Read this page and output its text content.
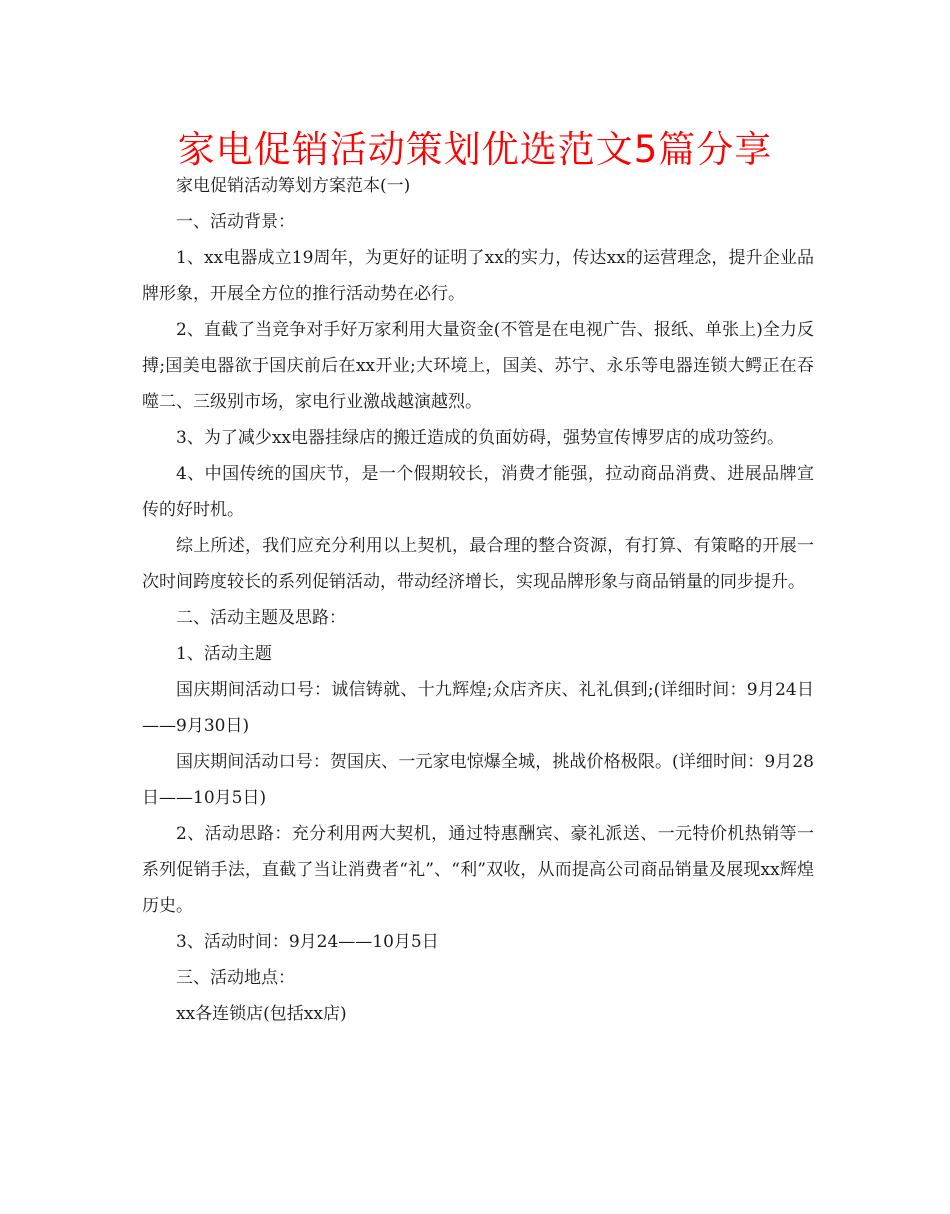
家电促销活动策划优选范文5篇分享

家电促销活动筹划方案范本(一)

一、活动背景：

1、xx电器成立19周年，为更好的证明了xx的实力，传达xx的运营理念，提升企业品牌形象，开展全方位的推行活动势在必行。

2、直截了当竞争对手好万家利用大量资金(不管是在电视广告、报纸、单张上)全力反搏;国美电器欲于国庆前后在xx开业;大环境上，国美、苏宁、永乐等电器连锁大鳄正在吞噬二、三级别市场，家电行业激战越演越烈。

3、为了减少xx电器挂绿店的搬迁造成的负面妨碍，强势宣传博罗店的成功签约。

4、中国传统的国庆节，是一个假期较长，消费才能强，拉动商品消费、进展品牌宣传的好时机。

综上所述，我们应充分利用以上契机，最合理的整合资源，有打算、有策略的开展一次时间跨度较长的系列促销活动，带动经济增长，实现品牌形象与商品销量的同步提升。

二、活动主题及思路：

1、活动主题

国庆期间活动口号：诚信铸就、十九辉煌;众店齐庆、礼礼俱到;(详细时间：9月24日——9月30日)

国庆期间活动口号：贺国庆、一元家电惊爆全城，挑战价格极限。(详细时间：9月28日——10月5日)

2、活动思路：充分利用两大契机，通过特惠酬宾、豪礼派送、一元特价机热销等一系列促销手法，直截了当让消费者“礼”、“利”双收，从而提高公司商品销量及展现xx辉煌历史。

3、活动时间：9月24——10月5日

三、活动地点：

xx各连锁店(包括xx店)
